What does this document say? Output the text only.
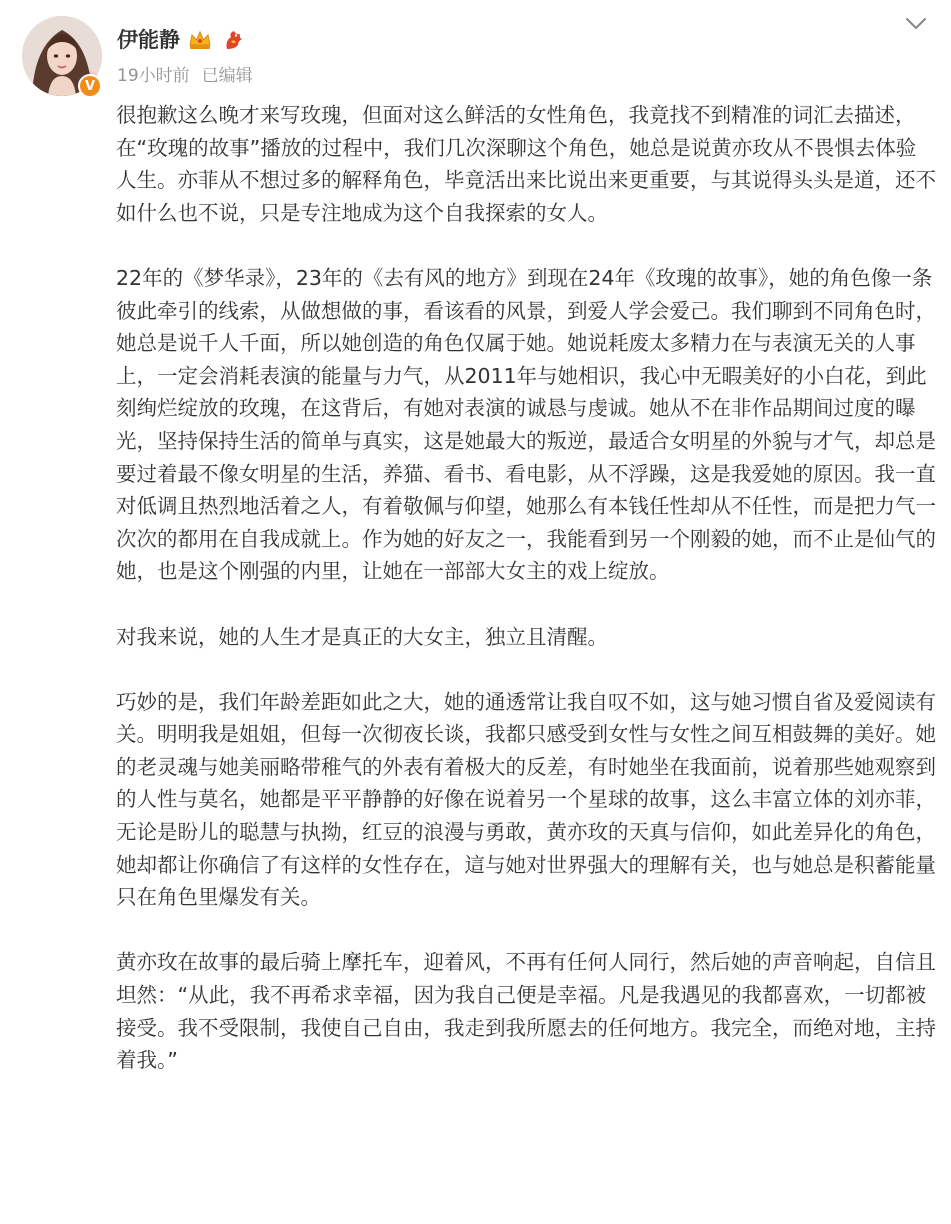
V
伊能静
19小时前 已编辑

很抱歉这么晚才来写玫瑰，但面对这么鲜活的女性角色，我竟找不到精准的词汇去描述，在“玫瑰的故事”播放的过程中，我们几次深聊这个角色，她总是说黄亦玫从不畏惧去体验人生。亦菲从不想过多的解释角色，毕竟活出来比说出来更重要，与其说得头头是道，还不如什么也不说，只是专注地成为这个自我探索的女人。

22年的《梦华录》，23年的《去有风的地方》到现在24年《玫瑰的故事》，她的角色像一条彼此牵引的线索，从做想做的事，看该看的风景，到爱人学会爱己。我们聊到不同角色时，她总是说千人千面，所以她创造的角色仅属于她。她说耗废太多精力在与表演无关的人事上，一定会消耗表演的能量与力气，从2011年与她相识，我心中无暇美好的小白花，到此刻绚烂绽放的玫瑰，在这背后，有她对表演的诚恳与虔诚。她从不在非作品期间过度的曝光，坚持保持生活的简单与真实，这是她最大的叛逆，最适合女明星的外貌与才气，却总是要过着最不像女明星的生活，养猫、看书、看电影，从不浮躁，这是我爱她的原因。我一直对低调且热烈地活着之人，有着敬佩与仰望，她那么有本钱任性却从不任性，而是把力气一次次的都用在自我成就上。作为她的好友之一，我能看到另一个刚毅的她，而不止是仙气的她，也是这个刚强的内里，让她在一部部大女主的戏上绽放。

对我来说，她的人生才是真正的大女主，独立且清醒。

巧妙的是，我们年龄差距如此之大，她的通透常让我自叹不如，这与她习惯自省及爱阅读有关。明明我是姐姐，但每一次彻夜长谈，我都只感受到女性与女性之间互相鼓舞的美好。她的老灵魂与她美丽略带稚气的外表有着极大的反差，有时她坐在我面前，说着那些她观察到的人性与莫名，她都是平平静静的好像在说着另一个星球的故事，这么丰富立体的刘亦菲，无论是盼儿的聪慧与执拗，红豆的浪漫与勇敢，黄亦玫的天真与信仰，如此差异化的角色，她却都让你确信了有这样的女性存在，這与她对世界强大的理解有关，也与她总是积蓄能量只在角色里爆发有关。

黄亦玫在故事的最后骑上摩托车，迎着风，不再有任何人同行，然后她的声音响起，自信且坦然：“从此，我不再希求幸福，因为我自己便是幸福。凡是我遇见的我都喜欢，一切都被接受。我不受限制，我使自己自由，我走到我所愿去的任何地方。我完全，而绝对地，主持着我。”
